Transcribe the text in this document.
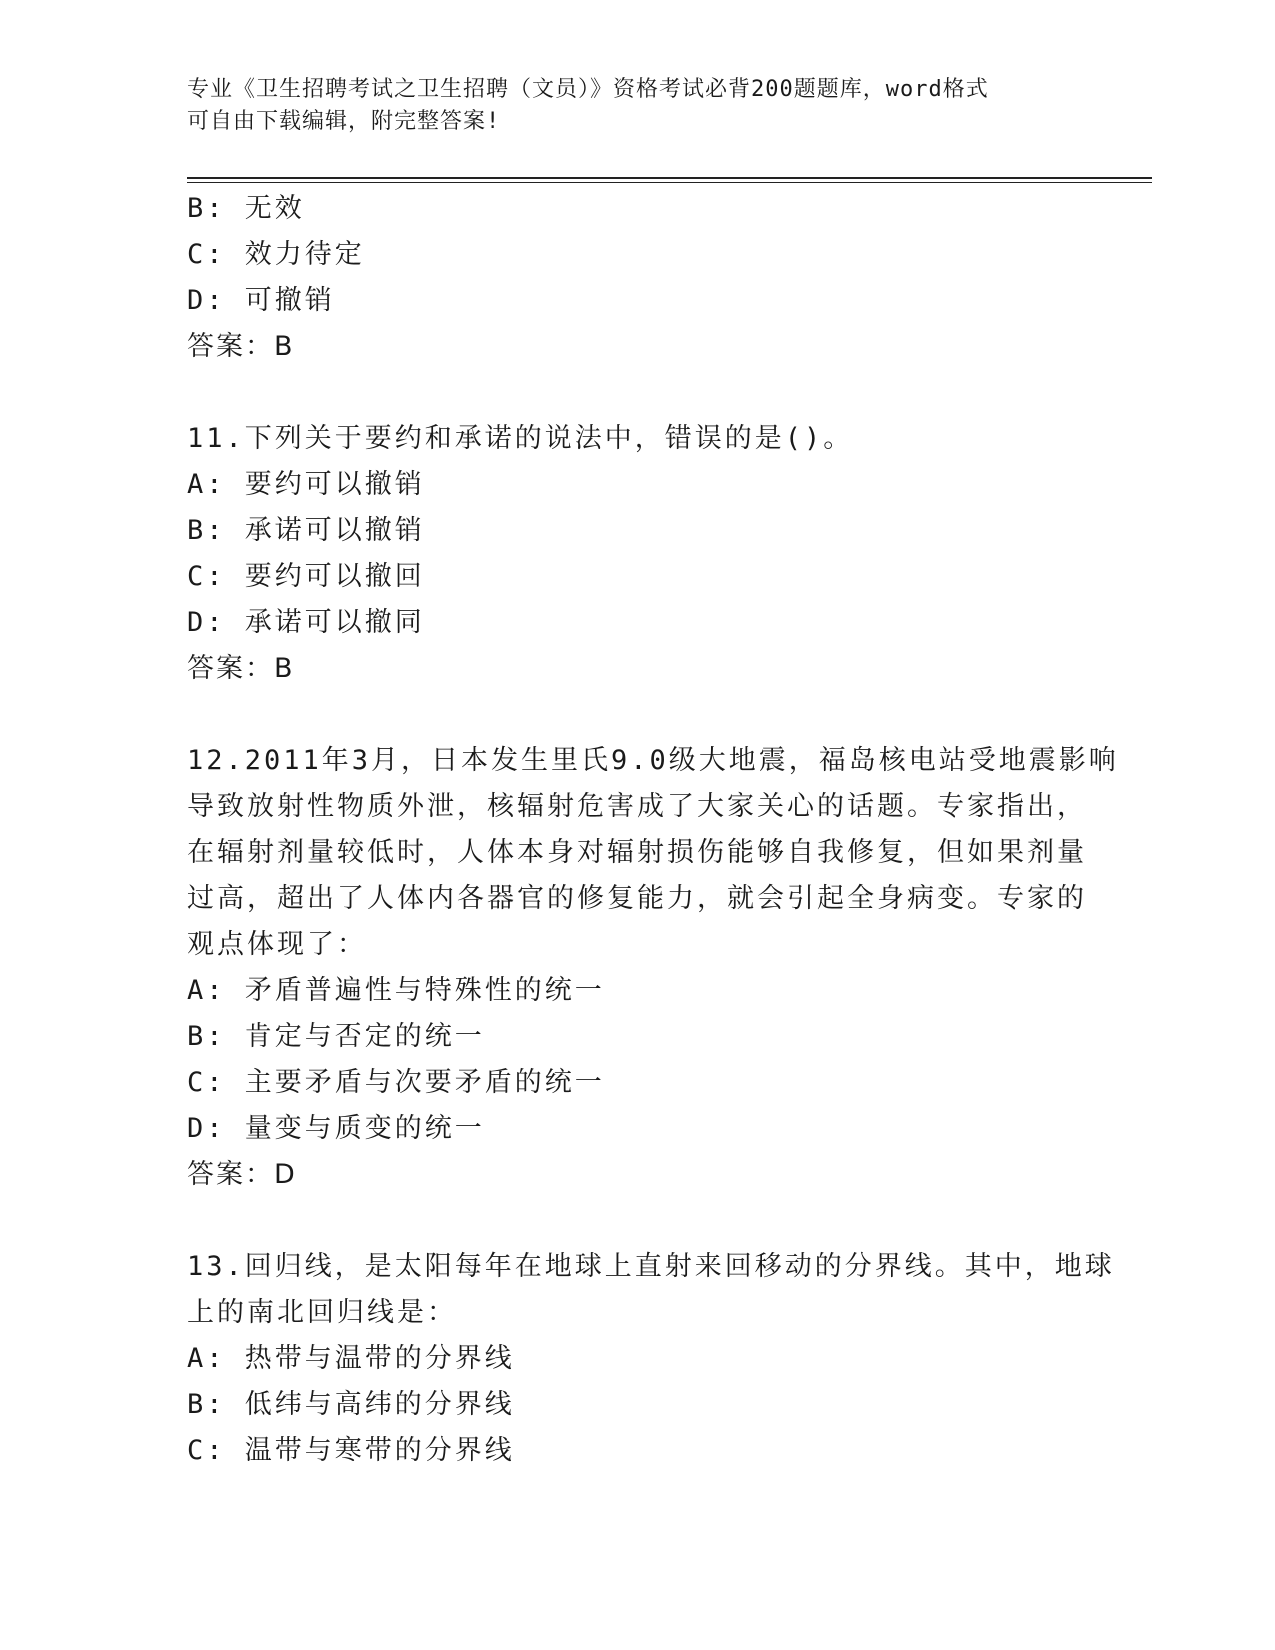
专业《卫生招聘考试之卫生招聘（文员）》资格考试必背200题题库，word格式
可自由下载编辑，附完整答案!
B: 无效
C: 效力待定
D: 可撤销
答案：B
11.下列关于要约和承诺的说法中，错误的是()。
A: 要约可以撤销
B: 承诺可以撤销
C: 要约可以撤回
D: 承诺可以撤同
答案：B
12.2011年3月，日本发生里氏9.0级大地震，福岛核电站受地震影响
导致放射性物质外泄，核辐射危害成了大家关心的话题。专家指出，
在辐射剂量较低时，人体本身对辐射损伤能够自我修复，但如果剂量
过高，超出了人体内各器官的修复能力，就会引起全身病变。专家的
观点体现了：
A: 矛盾普遍性与特殊性的统一
B: 肯定与否定的统一
C: 主要矛盾与次要矛盾的统一
D: 量变与质变的统一
答案：D
13.回归线，是太阳每年在地球上直射来回移动的分界线。其中，地球
上的南北回归线是：
A: 热带与温带的分界线
B: 低纬与高纬的分界线
C: 温带与寒带的分界线
